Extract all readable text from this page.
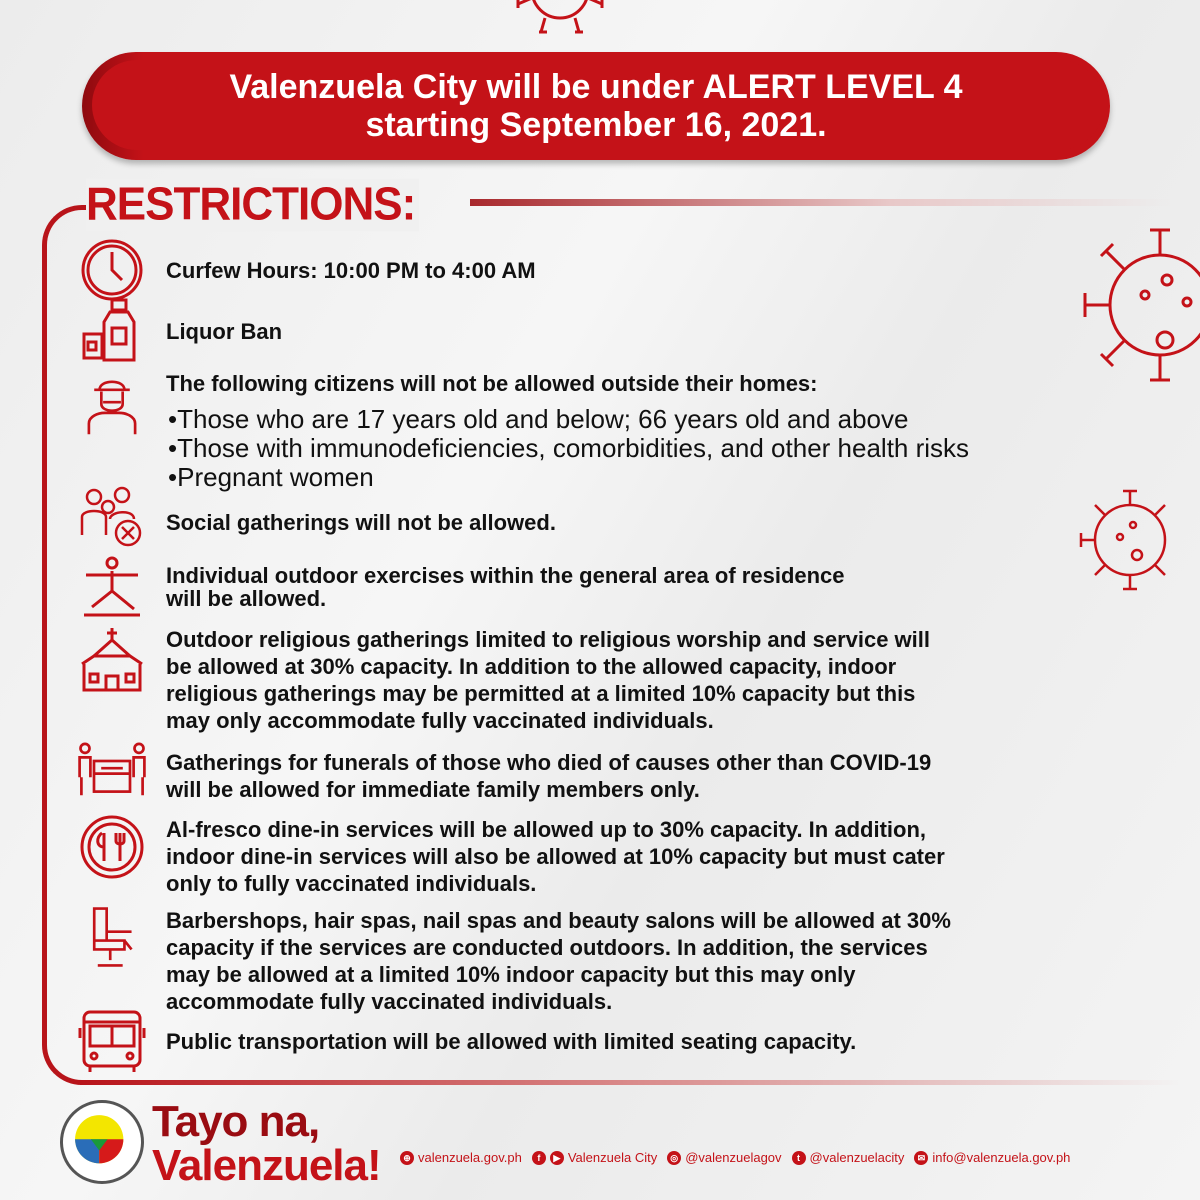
Valenzuela City will be under ALERT LEVEL 4
starting September 16, 2021.
RESTRICTIONS:
Curfew Hours: 10:00 PM to 4:00 AM
Liquor Ban
The following citizens will not be allowed outside their homes:
•Those who are 17 years old and below; 66 years old and above
•Those with immunodeficiencies, comorbidities, and other health risks
•Pregnant women
Social gatherings will not be allowed.
Individual outdoor exercises within the general area of residence
will be allowed.
Outdoor religious gatherings limited to religious worship and service will
be allowed at 30% capacity. In addition to the allowed capacity, indoor
religious gatherings may be permitted at a limited 10% capacity but this
may only accommodate fully vaccinated individuals.
Gatherings for funerals of those who died of causes other than COVID-19
will be allowed for immediate family members only.
Al-fresco dine-in services will be allowed up to 30% capacity. In addition,
indoor dine-in services will also be allowed at 10% capacity but must cater
only to fully vaccinated individuals.
Barbershops, hair spas, nail spas and beauty salons will be allowed at 30%
capacity if the services are conducted outdoors. In addition, the services
may be allowed at a limited 10% indoor capacity but this may only
accommodate fully vaccinated individuals.
Public transportation will be allowed with limited seating capacity.
Tayo na,
Valenzuela!	⊕ valenzuela.gov.ph	f	▶ Valenzuela City	◎ @valenzuelagov	t @valenzuelacity	✉ info@valenzuela.gov.ph
